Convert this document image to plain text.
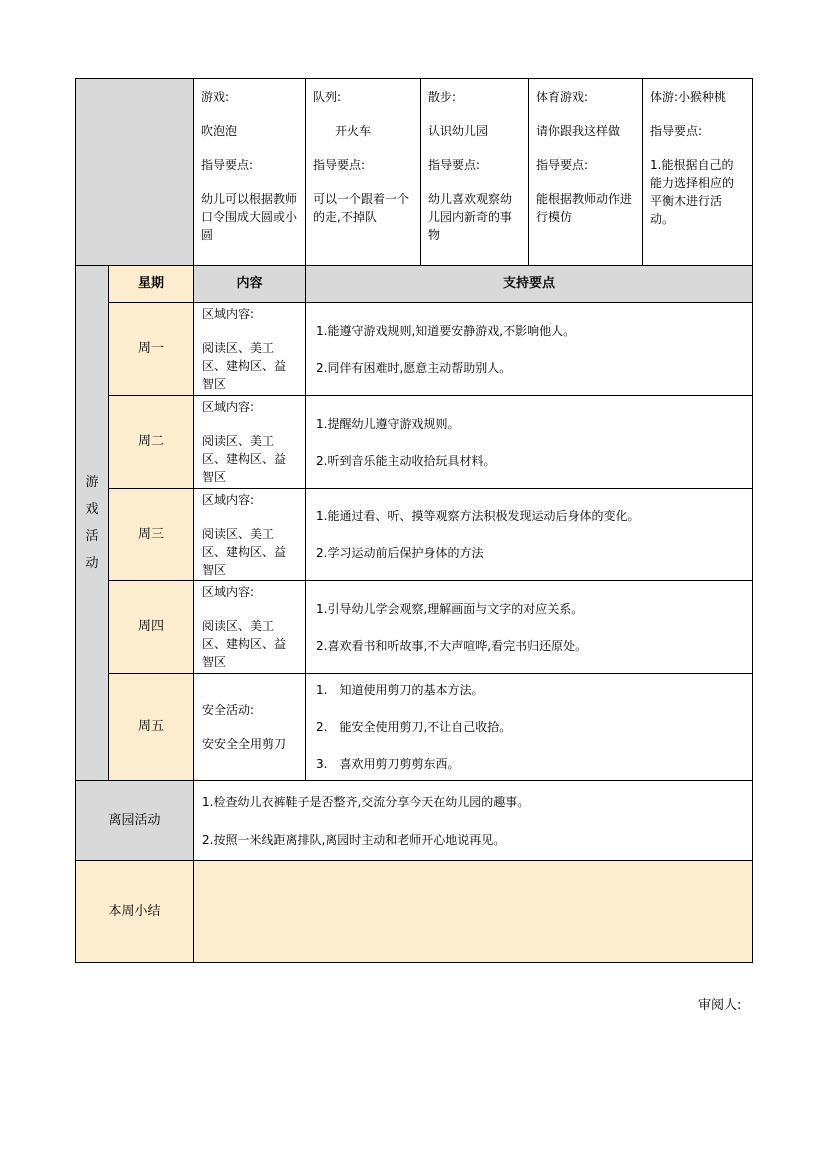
游戏:

吹泡泡

指导要点:

幼儿可以根据教师口令围成大圆或小圆

队列:

开火车

指导要点:

可以一个跟着一个的走,不掉队

散步:

认识幼儿园

指导要点:

幼儿喜欢观察幼儿园内新奇的事物

体育游戏:

请你跟我这样做

指导要点:

能根据教师动作进行模仿

体游:小猴种桃

指导要点:

1.能根据自己的能力选择相应的平衡木进行活动。

游戏活动
星期	内容	支持要点
周一

区域内容:

阅读区、美工区、建构区、益智区

1.能遵守游戏规则,知道要安静游戏,不影响他人。
2.同伴有困难时,愿意主动帮助别人。
周二

区域内容:

阅读区、美工区、建构区、益智区

1.提醒幼儿遵守游戏规则。
2.听到音乐能主动收拾玩具材料。
周三

区域内容:

阅读区、美工区、建构区、益智区

1.能通过看、听、摸等观察方法积极发现运动后身体的变化。
2.学习运动前后保护身体的方法
周四

区域内容:

阅读区、美工区、建构区、益智区

1.引导幼儿学会观察,理解画面与文字的对应关系。
2.喜欢看书和听故事,不大声喧哗,看完书归还原处。
周五

安全活动:

安安全全用剪刀

1.　知道使用剪刀的基本方法。
2.　能安全使用剪刀,不让自己收拾。
3.　喜欢用剪刀剪剪东西。
离园活动
1.检查幼儿衣裤鞋子是否整齐,交流分享今天在幼儿园的趣事。
2.按照一米线距离排队,离园时主动和老师开心地说再见。
本周小结
审阅人:
